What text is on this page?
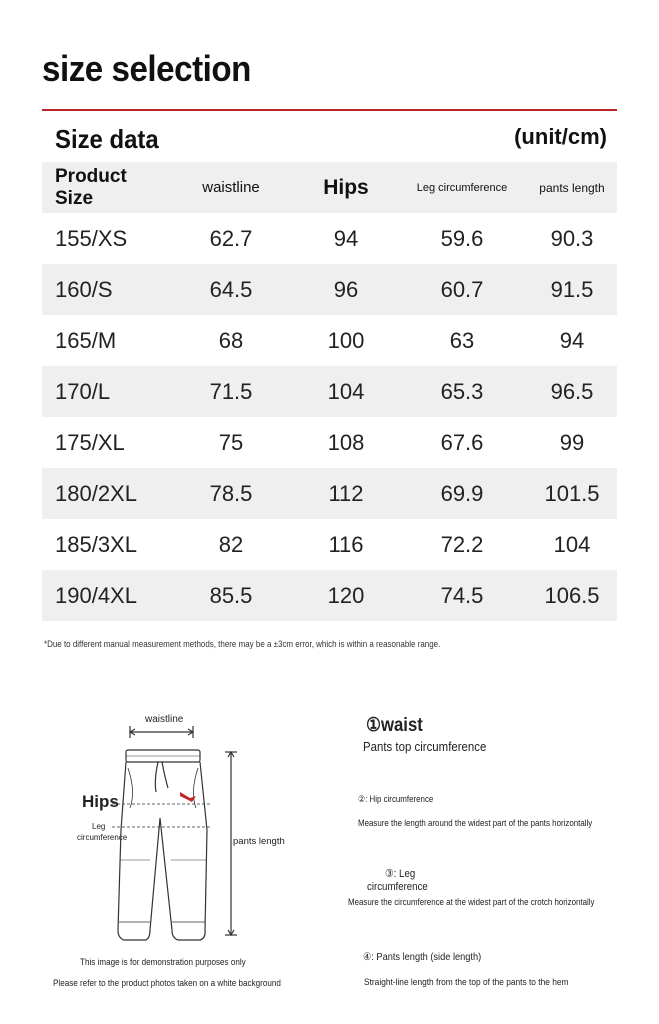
size selection
Size data	(unit/cm)
Product Size	waistline	Hips	Leg circumference	pants length
155/XS	62.7	94	59.6	90.3
160/S	64.5	96	60.7	91.5
165/M	68	100	63	94
170/L	71.5	104	65.3	96.5
175/XL	75	108	67.6	99
180/2XL	78.5	112	69.9	101.5
185/3XL	82	116	72.2	104
190/4XL	85.5	120	74.5	106.5
*Due to different manual measurement methods, there may be a ±3cm error, which is within a reasonable range.
waistline
Hips
Leg
circumference	pants length
This image is for demonstration purposes only
Please refer to the product photos taken on a white background
①waist
Pants top circumference
②: Hip circumference
Measure the length around the widest part of the pants horizontally
③: Leg
circumference
Measure the circumference at the widest part of the crotch horizontally
④: Pants length (side length)
Straight-line length from the top of the pants to the hem
